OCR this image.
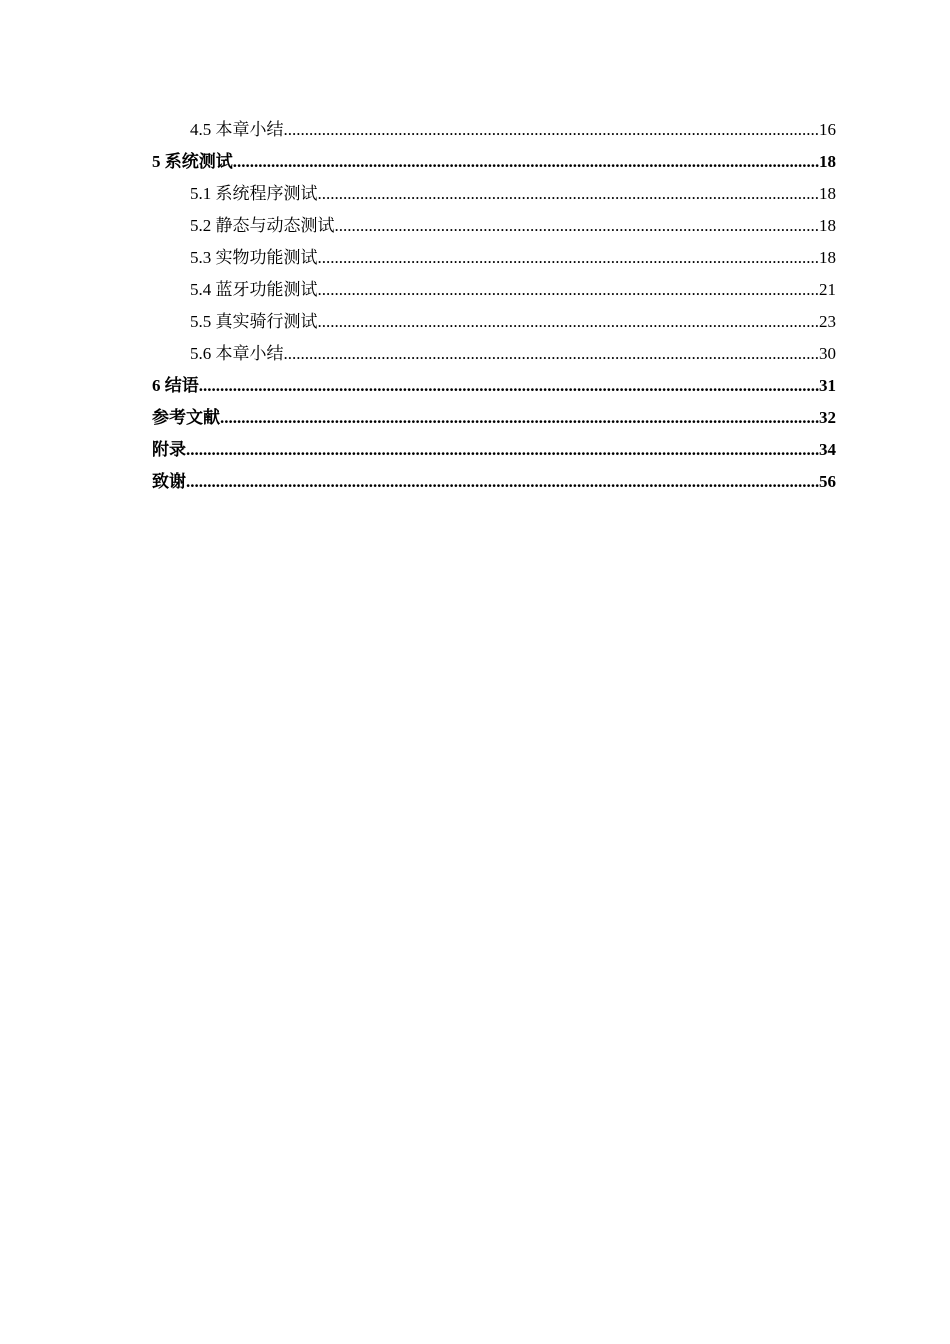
4.5 本章小结 .....	16
5 系统测试 .....	18
5.1 系统程序测试 .....	18
5.2 静态与动态测试 .....	18
5.3 实物功能测试 .....	18
5.4 蓝牙功能测试 .....	21
5.5 真实骑行测试 .....	23
5.6 本章小结 .....	30
6 结语 .....	31
参考文献 .....	32
附录 .....	34
致谢 .....	56
